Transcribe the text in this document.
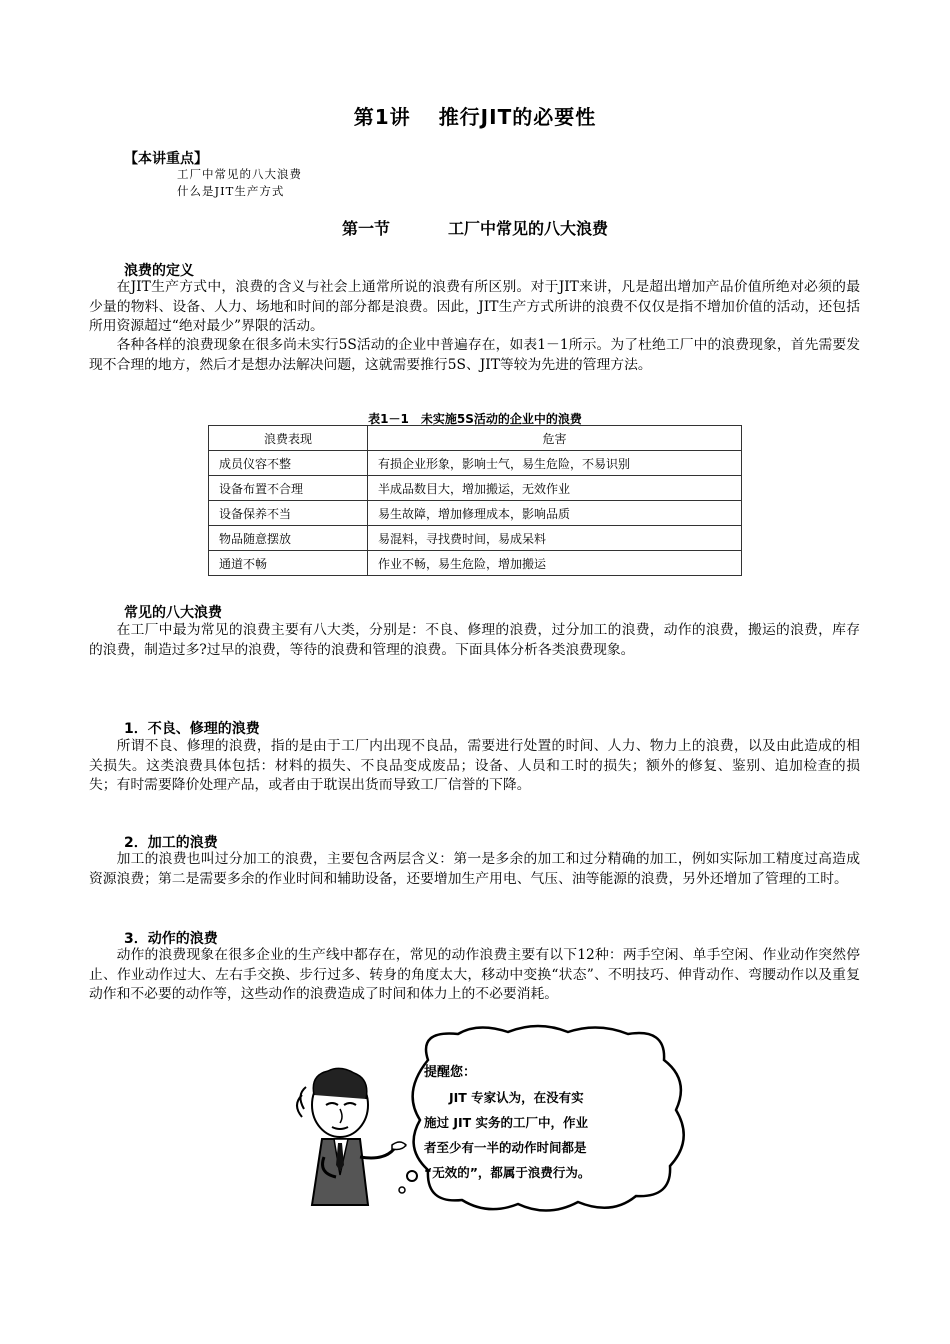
第1讲 推行JIT的必要性
【本讲重点】
工厂中常见的八大浪费
什么是JIT生产方式
第一节	工厂中常见的八大浪费
浪费的定义

在JIT生产方式中，浪费的含义与社会上通常所说的浪费有所区别。对于JIT来讲，凡是超出增加产品价值所绝对必须的最少量的物料、设备、人力、场地和时间的部分都是浪费。因此，JIT生产方式所讲的浪费不仅仅是指不增加价值的活动，还包括所用资源超过“绝对最少”界限的活动。

各种各样的浪费现象在很多尚未实行5S活动的企业中普遍存在，如表1－1所示。为了杜绝工厂中的浪费现象，首先需要发现不合理的地方，然后才是想办法解决问题，这就需要推行5S、JIT等较为先进的管理方法。

表1－1　未实施5S活动的企业中的浪费
浪费表现	危害
成员仪容不整	有损企业形象，影响士气，易生危险，不易识别
设备布置不合理	半成品数目大，增加搬运，无效作业
设备保养不当	易生故障，增加修理成本，影响品质
物品随意摆放	易混料，寻找费时间，易成呆料
通道不畅	作业不畅，易生危险，增加搬运
常见的八大浪费

在工厂中最为常见的浪费主要有八大类，分别是：不良、修理的浪费，过分加工的浪费，动作的浪费，搬运的浪费，库存的浪费，制造过多?过早的浪费，等待的浪费和管理的浪费。下面具体分析各类浪费现象。

1．不良、修理的浪费

所谓不良、修理的浪费，指的是由于工厂内出现不良品，需要进行处置的时间、人力、物力上的浪费，以及由此造成的相关损失。这类浪费具体包括：材料的损失、不良品变成废品；设备、人员和工时的损失；额外的修复、鉴别、追加检查的损失；有时需要降价处理产品，或者由于耽误出货而导致工厂信誉的下降。

2．加工的浪费

加工的浪费也叫过分加工的浪费，主要包含两层含义：第一是多余的加工和过分精确的加工，例如实际加工精度过高造成资源浪费；第二是需要多余的作业时间和辅助设备，还要增加生产用电、气压、油等能源的浪费，另外还增加了管理的工时。

3．动作的浪费

动作的浪费现象在很多企业的生产线中都存在，常见的动作浪费主要有以下12种：两手空闲、单手空闲、作业动作突然停止、作业动作过大、左右手交换、步行过多、转身的角度太大，移动中变换“状态”、不明技巧、伸背动作、弯腰动作以及重复动作和不必要的动作等，这些动作的浪费造成了时间和体力上的不必要消耗。

提醒您：
JIT 专家认为，在没有实
施过 JIT 实务的工厂中，作业
者至少有一半的动作时间都是
“无效的”，都属于浪费行为。
